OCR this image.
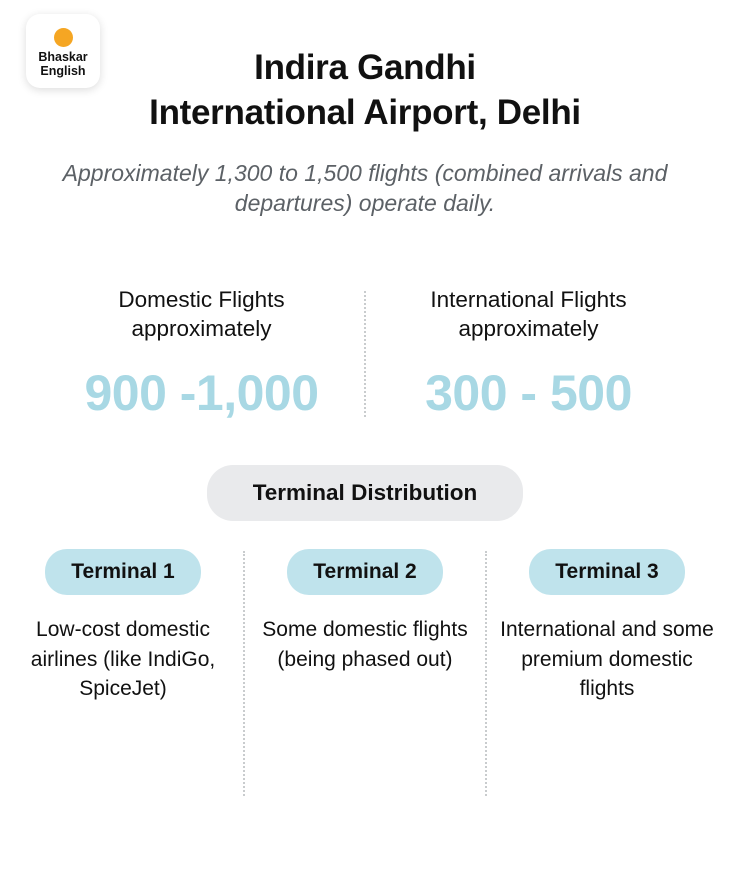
Bhaskar
English	Indira Gandhi
International Airport, Delhi
Approximately 1,300 to 1,500 flights (combined arrivals and departures) operate daily.
Domestic Flights
approximately
900 -1,000
International Flights
approximately
300 - 500
Terminal Distribution
Terminal 1
Low-cost domestic airlines (like IndiGo, SpiceJet)
Terminal 2
Some domestic flights (being phased out)
Terminal 3
International and some premium domestic flights
